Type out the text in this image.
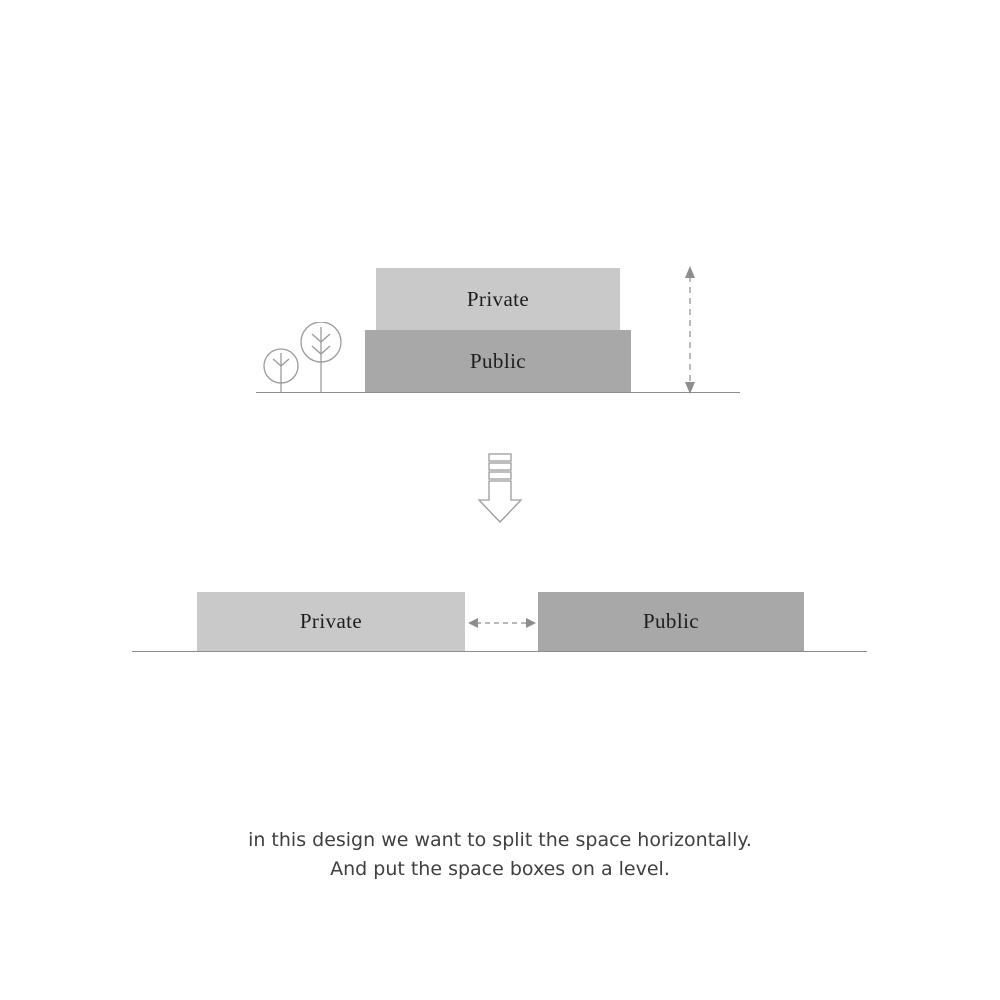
Private
Public
Private	Public
in this design we want to split the space horizontally.
And put the space boxes on a level.
